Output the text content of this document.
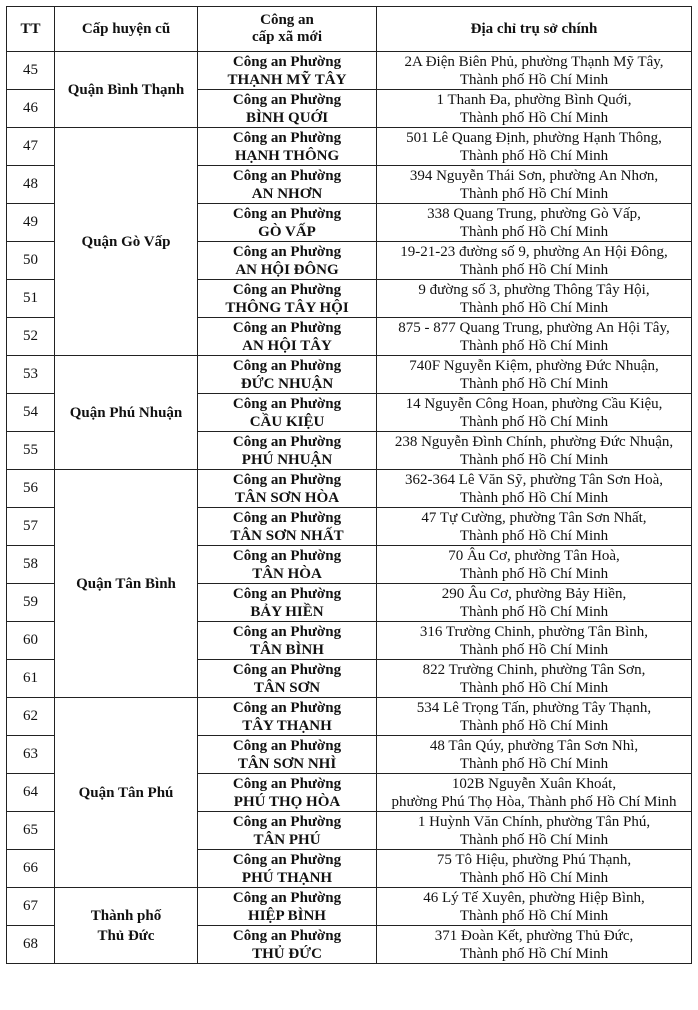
TT	Cấp huyện cũ	Công an
cấp xã mới	Địa chỉ trụ sở chính
45	Quận Bình Thạnh	Công an Phường
THẠNH MỸ TÂY	2A Điện Biên Phủ, phường Thạnh Mỹ Tây,
Thành phố Hồ Chí Minh

46		Công an Phường
BÌNH QUỚI	1 Thanh Đa, phường Bình Quới,
Thành phố Hồ Chí Minh

47	Quận Gò Vấp	Công an Phường
HẠNH THÔNG	501 Lê Quang Định, phường Hạnh Thông,
Thành phố Hồ Chí Minh

48		Công an Phường
AN NHƠN	394 Nguyễn Thái Sơn, phường An Nhơn,
Thành phố Hồ Chí Minh

49		Công an Phường
GÒ VẤP	338 Quang Trung, phường Gò Vấp,
Thành phố Hồ Chí Minh

50		Công an Phường
AN HỘI ĐÔNG	19-21-23 đường số 9, phường An Hội Đông,
Thành phố Hồ Chí Minh

51		Công an Phường
THÔNG TÂY HỘI	9 đường số 3, phường Thông Tây Hội,
Thành phố Hồ Chí Minh

52		Công an Phường
AN HỘI TÂY	875 - 877 Quang Trung, phường An Hội Tây,
Thành phố Hồ Chí Minh

53	Quận Phú Nhuận	Công an Phường
ĐỨC NHUẬN	740F Nguyễn Kiệm, phường Đức Nhuận,
Thành phố Hồ Chí Minh

54		Công an Phường
CẦU KIỆU	14 Nguyễn Công Hoan, phường Cầu Kiệu,
Thành phố Hồ Chí Minh

55		Công an Phường
PHÚ NHUẬN	238 Nguyễn Đình Chính, phường Đức Nhuận,
Thành phố Hồ Chí Minh

56	Quận Tân Bình	Công an Phường
TÂN SƠN HÒA	362-364 Lê Văn Sỹ, phường Tân Sơn Hoà,
Thành phố Hồ Chí Minh

57		Công an Phường
TÂN SƠN NHẤT	47 Tự Cường, phường Tân Sơn Nhất,
Thành phố Hồ Chí Minh

58		Công an Phường
TÂN HÒA	70 Âu Cơ, phường Tân Hoà,
Thành phố Hồ Chí Minh

59		Công an Phường
BẢY HIỀN	290 Âu Cơ, phường Bảy Hiền,
Thành phố Hồ Chí Minh

60		Công an Phường
TÂN BÌNH	316 Trường Chinh, phường Tân Bình,
Thành phố Hồ Chí Minh

61		Công an Phường
TÂN SƠN	822 Trường Chinh, phường Tân Sơn,
Thành phố Hồ Chí Minh

62	Quận Tân Phú	Công an Phường
TÂY THẠNH	534 Lê Trọng Tấn, phường Tây Thạnh,
Thành phố Hồ Chí Minh

63		Công an Phường
TÂN SƠN NHÌ	48 Tân Qúy, phường Tân Sơn Nhì,
Thành phố Hồ Chí Minh

64		Công an Phường
PHÚ THỌ HÒA	102B Nguyễn Xuân Khoát,
phường Phú Thọ Hòa, Thành phố Hồ Chí Minh

65		Công an Phường
TÂN PHÚ	1 Huỳnh Văn Chính, phường Tân Phú,
Thành phố Hồ Chí Minh

66		Công an Phường
PHÚ THẠNH	75 Tô Hiệu, phường Phú Thạnh,
Thành phố Hồ Chí Minh

67	Thành phố
Thủ Đức	Công an Phường
HIỆP BÌNH	46 Lý Tế Xuyên, phường Hiệp Bình,
Thành phố Hồ Chí Minh

68		Công an Phường
THỦ ĐỨC	371 Đoàn Kết, phường Thủ Đức,
Thành phố Hồ Chí Minh
